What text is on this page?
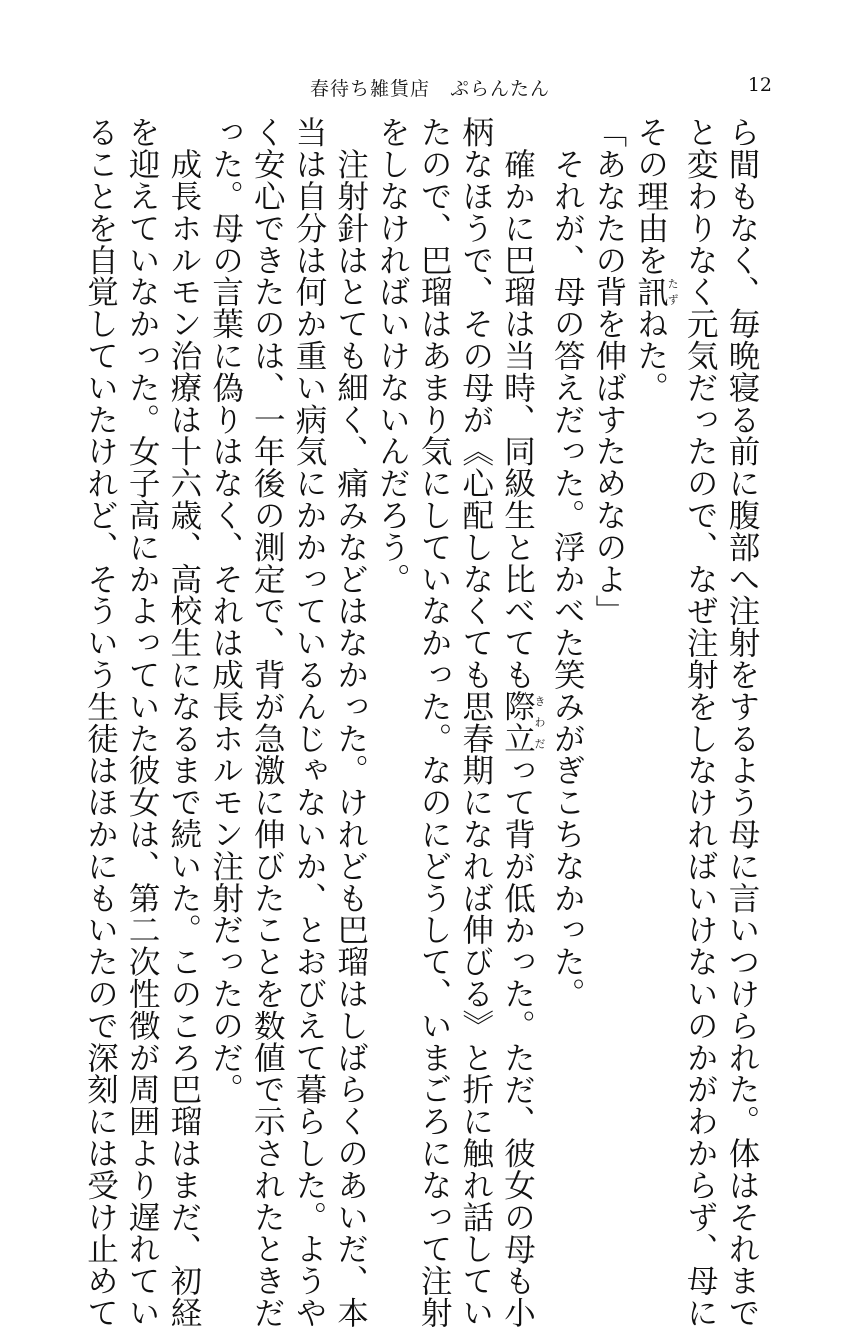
春待ち雑貨店　ぷらんたん	12
ら間もなく、毎晩寝る前に腹部へ注射をするよう母に言いつけられた。体はそれまで
と変わりなく元気だったので、なぜ注射をしなければいけないのかがわからず、母に
その理由を訊たずねた。
「あなたの背を伸ばすためなのよ」
　それが、母の答えだった。浮かべた笑みがぎこちなかった。
　確かに巴瑠は当時、同級生と比べても際立きわだって背が低かった。ただ、彼女の母も小
柄なほうで、その母が《心配しなくても思春期になれば伸びる》と折に触れ話してい
たので、巴瑠はあまり気にしていなかった。なのにどうして、いまごろになって注射
をしなければいけないんだろう。
　注射針はとても細く、痛みなどはなかった。けれども巴瑠はしばらくのあいだ、本
当は自分は何か重い病気にかかっているんじゃないか、とおびえて暮らした。ようや
く安心できたのは、一年後の測定で、背が急激に伸びたことを数値で示されたときだ
った。母の言葉に偽りはなく、それは成長ホルモン注射だったのだ。
　成長ホルモン治療は十六歳、高校生になるまで続いた。このころ巴瑠はまだ、初経
を迎えていなかった。女子高にかよっていた彼女は、第二次性徴が周囲より遅れてい
ることを自覚していたけれど、そういう生徒はほかにもいたので深刻には受け止めて
